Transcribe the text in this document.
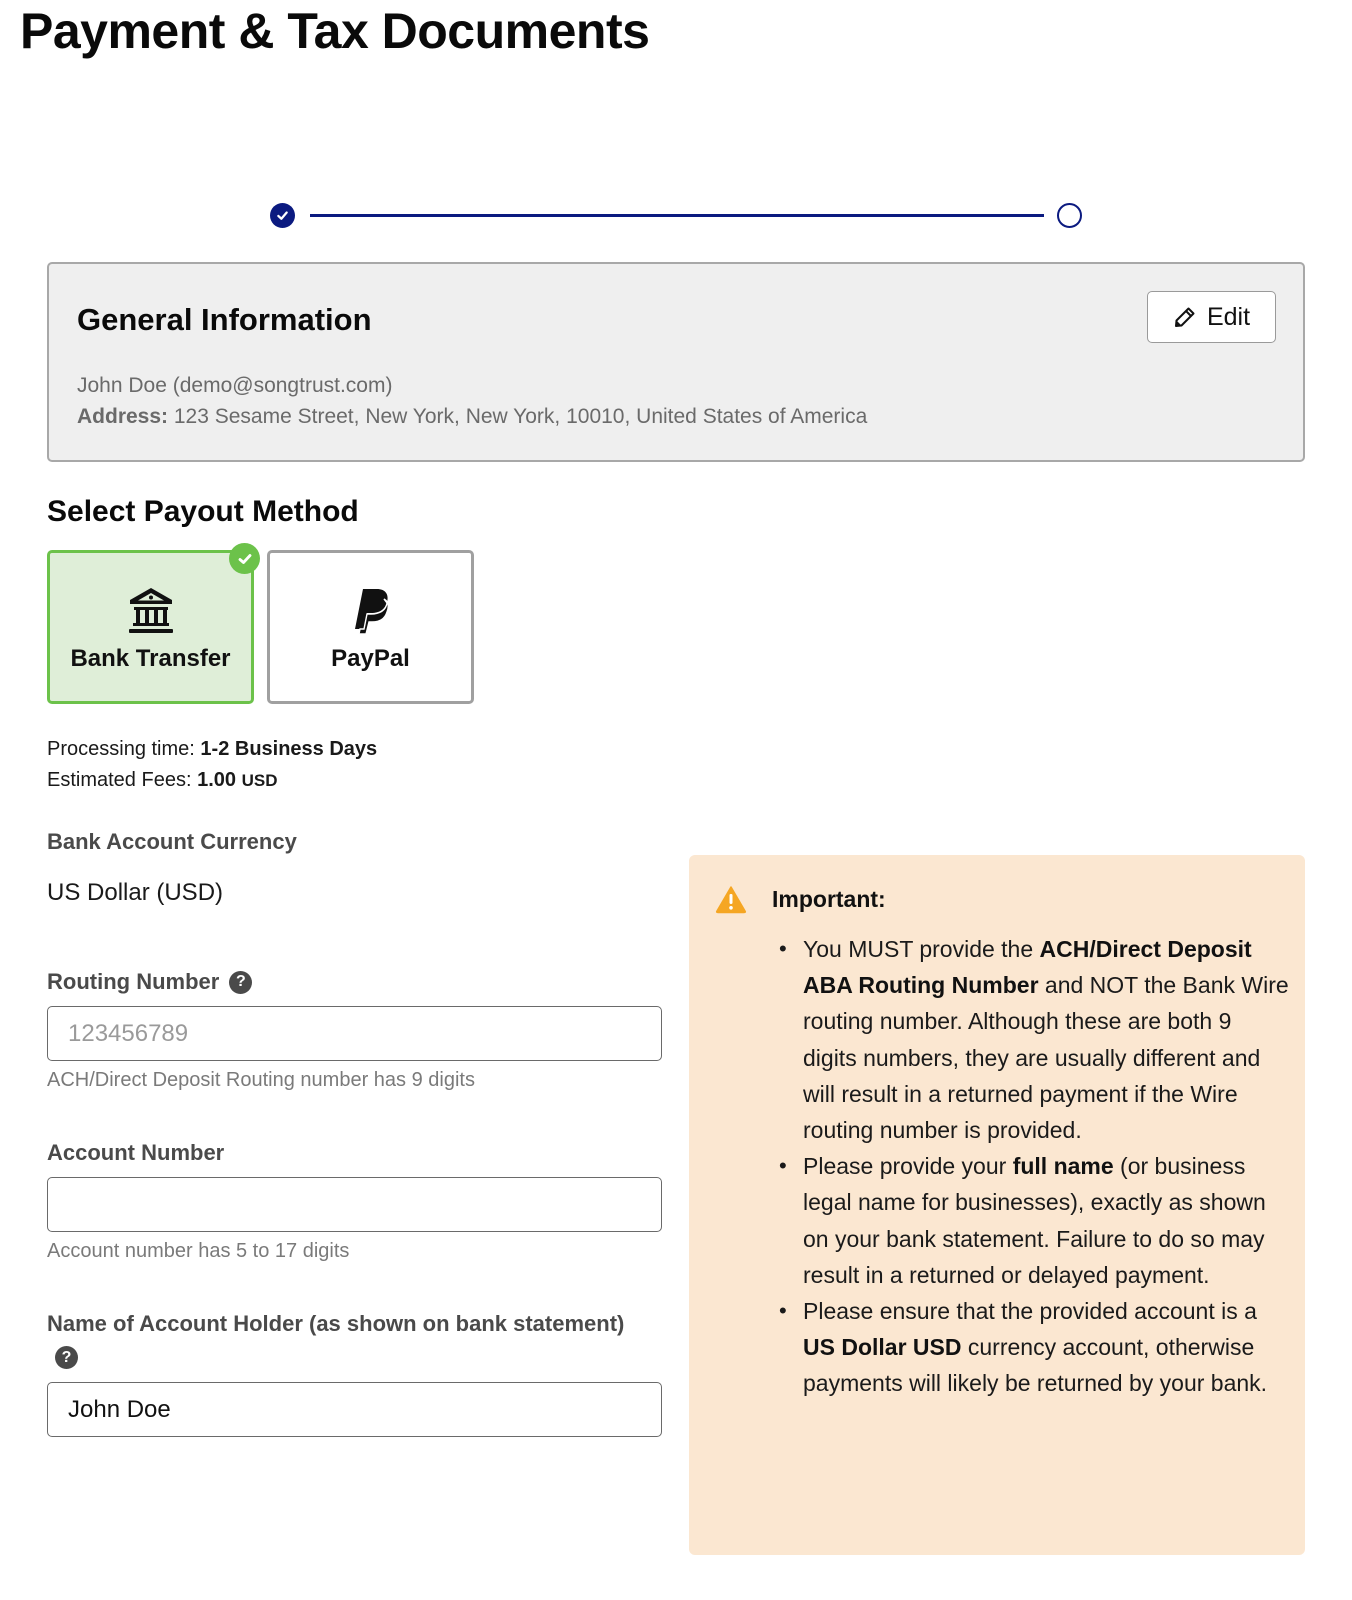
Payment & Tax Documents
General Information
John Doe (demo@songtrust.com)
Address: 123 Sesame Street, New York, New York, 10010, United States of America
Edit
Select Payout Method
Bank Transfer	PayPal
Processing time: 1-2 Business Days
Estimated Fees: 1.00 USD
Bank Account Currency
US Dollar (USD)
Routing Number	?
123456789
ACH/Direct Deposit Routing number has 9 digits
Account Number
Account number has 5 to 17 digits
Name of Account Holder (as shown on bank statement)
?
John Doe
Important:
• You MUST provide the ACH/Direct Deposit ABA Routing Number and NOT the Bank Wire routing number. Although these are both 9 digits numbers, they are usually different and will result in a returned payment if the Wire routing number is provided.
• Please provide your full name (or business legal name for businesses), exactly as shown on your bank statement. Failure to do so may result in a returned or delayed payment.
• Please ensure that the provided account is a US Dollar USD currency account, otherwise payments will likely be returned by your bank.
